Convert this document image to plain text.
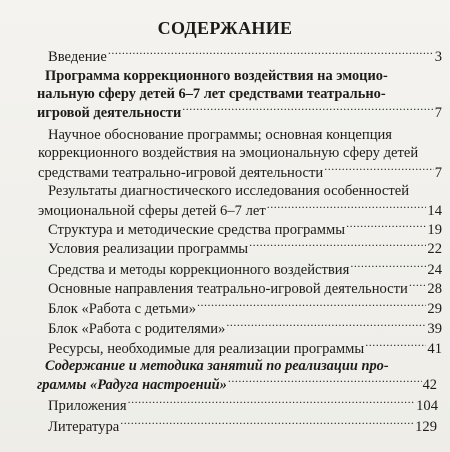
СОДЕРЖАНИЕ
Введение .....	3
Программа коррекционного воздействия на эмоцио-
нальную сферу детей 6–7 лет средствами театрально-
игровой деятельности .....	7
Научное обоснование программы; основная концепция
коррекционного воздействия на эмоциональную сферу детей
средствами театрально-игровой деятельности .....	7
Результаты диагностического исследования особенностей
эмоциональной сферы детей 6–7 лет .....	14
Структура и методические средства программы .....	19
Условия реализации программы .....	22
Средства и методы коррекционного воздействия .....	24
Основные направления театрально-игровой деятельности ..... 28
Блок «Работа с детьми» .....	29
Блок «Работа с родителями» .....	39
Ресурсы, необходимые для реализации программы .....	41
Содержание и методика занятий по реализации про-
граммы «Радуга настроений» .....	42
Приложения .....	104
Литература .....	129
